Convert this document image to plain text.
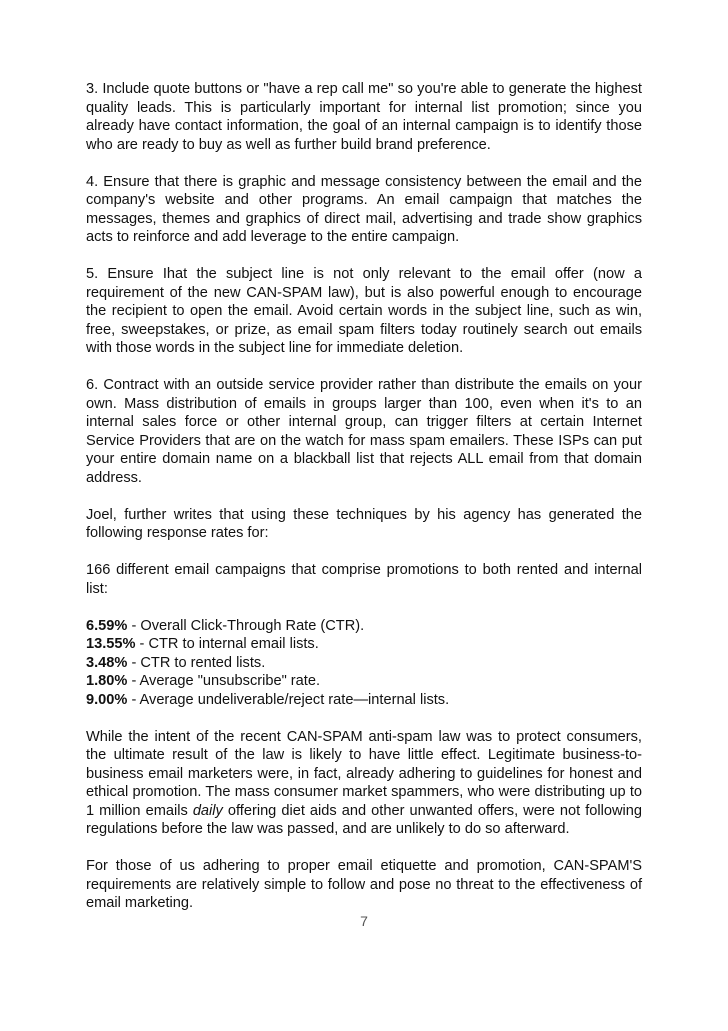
3. Include quote buttons or "have a rep call me" so you're able to generate the highest quality leads. This is particularly important for internal list promotion; since you already have contact information, the goal of an internal campaign is to identify those who are ready to buy as well as further build brand preference.

4. Ensure that there is graphic and message consistency between the email and the company's website and other programs. An email campaign that matches the messages, themes and graphics of direct mail, advertising and trade show graphics acts to reinforce and add leverage to the entire campaign.

5. Ensure Ihat the subject line is not only relevant to the email offer (now a requirement of the new CAN-SPAM law), but is also powerful enough to encourage the recipient to open the email. Avoid certain words in the subject line, such as win, free, sweepstakes, or prize, as email spam filters today routinely search out emails with those words in the subject line for immediate deletion.

6. Contract with an outside service provider rather than distribute the emails on your own. Mass distribution of emails in groups larger than 100, even when it's to an internal sales force or other internal group, can trigger filters at certain Internet Service Providers that are on the watch for mass spam emailers. These ISPs can put your entire domain name on a blackball list that rejects ALL email from that domain address.

Joel, further writes that using these techniques by his agency has generated the following response rates for:

166 different email campaigns that comprise promotions to both rented and internal list:

6.59% - Overall Click-Through Rate (CTR).
13.55% - CTR to internal email lists.
3.48% - CTR to rented lists.
1.80% - Average "unsubscribe" rate.
9.00% - Average undeliverable/reject rate—internal lists.

While the intent of the recent CAN-SPAM anti-spam law was to protect consumers, the ultimate result of the law is likely to have little effect. Legitimate business-to-business email marketers were, in fact, already adhering to guidelines for honest and ethical promotion. The mass consumer market spammers, who were distributing up to 1 million emails daily offering diet aids and other unwanted offers, were not following regulations before the law was passed, and are unlikely to do so afterward.

For those of us adhering to proper email etiquette and promotion, CAN-SPAM'S requirements are relatively simple to follow and pose no threat to the effectiveness of email marketing.

7
